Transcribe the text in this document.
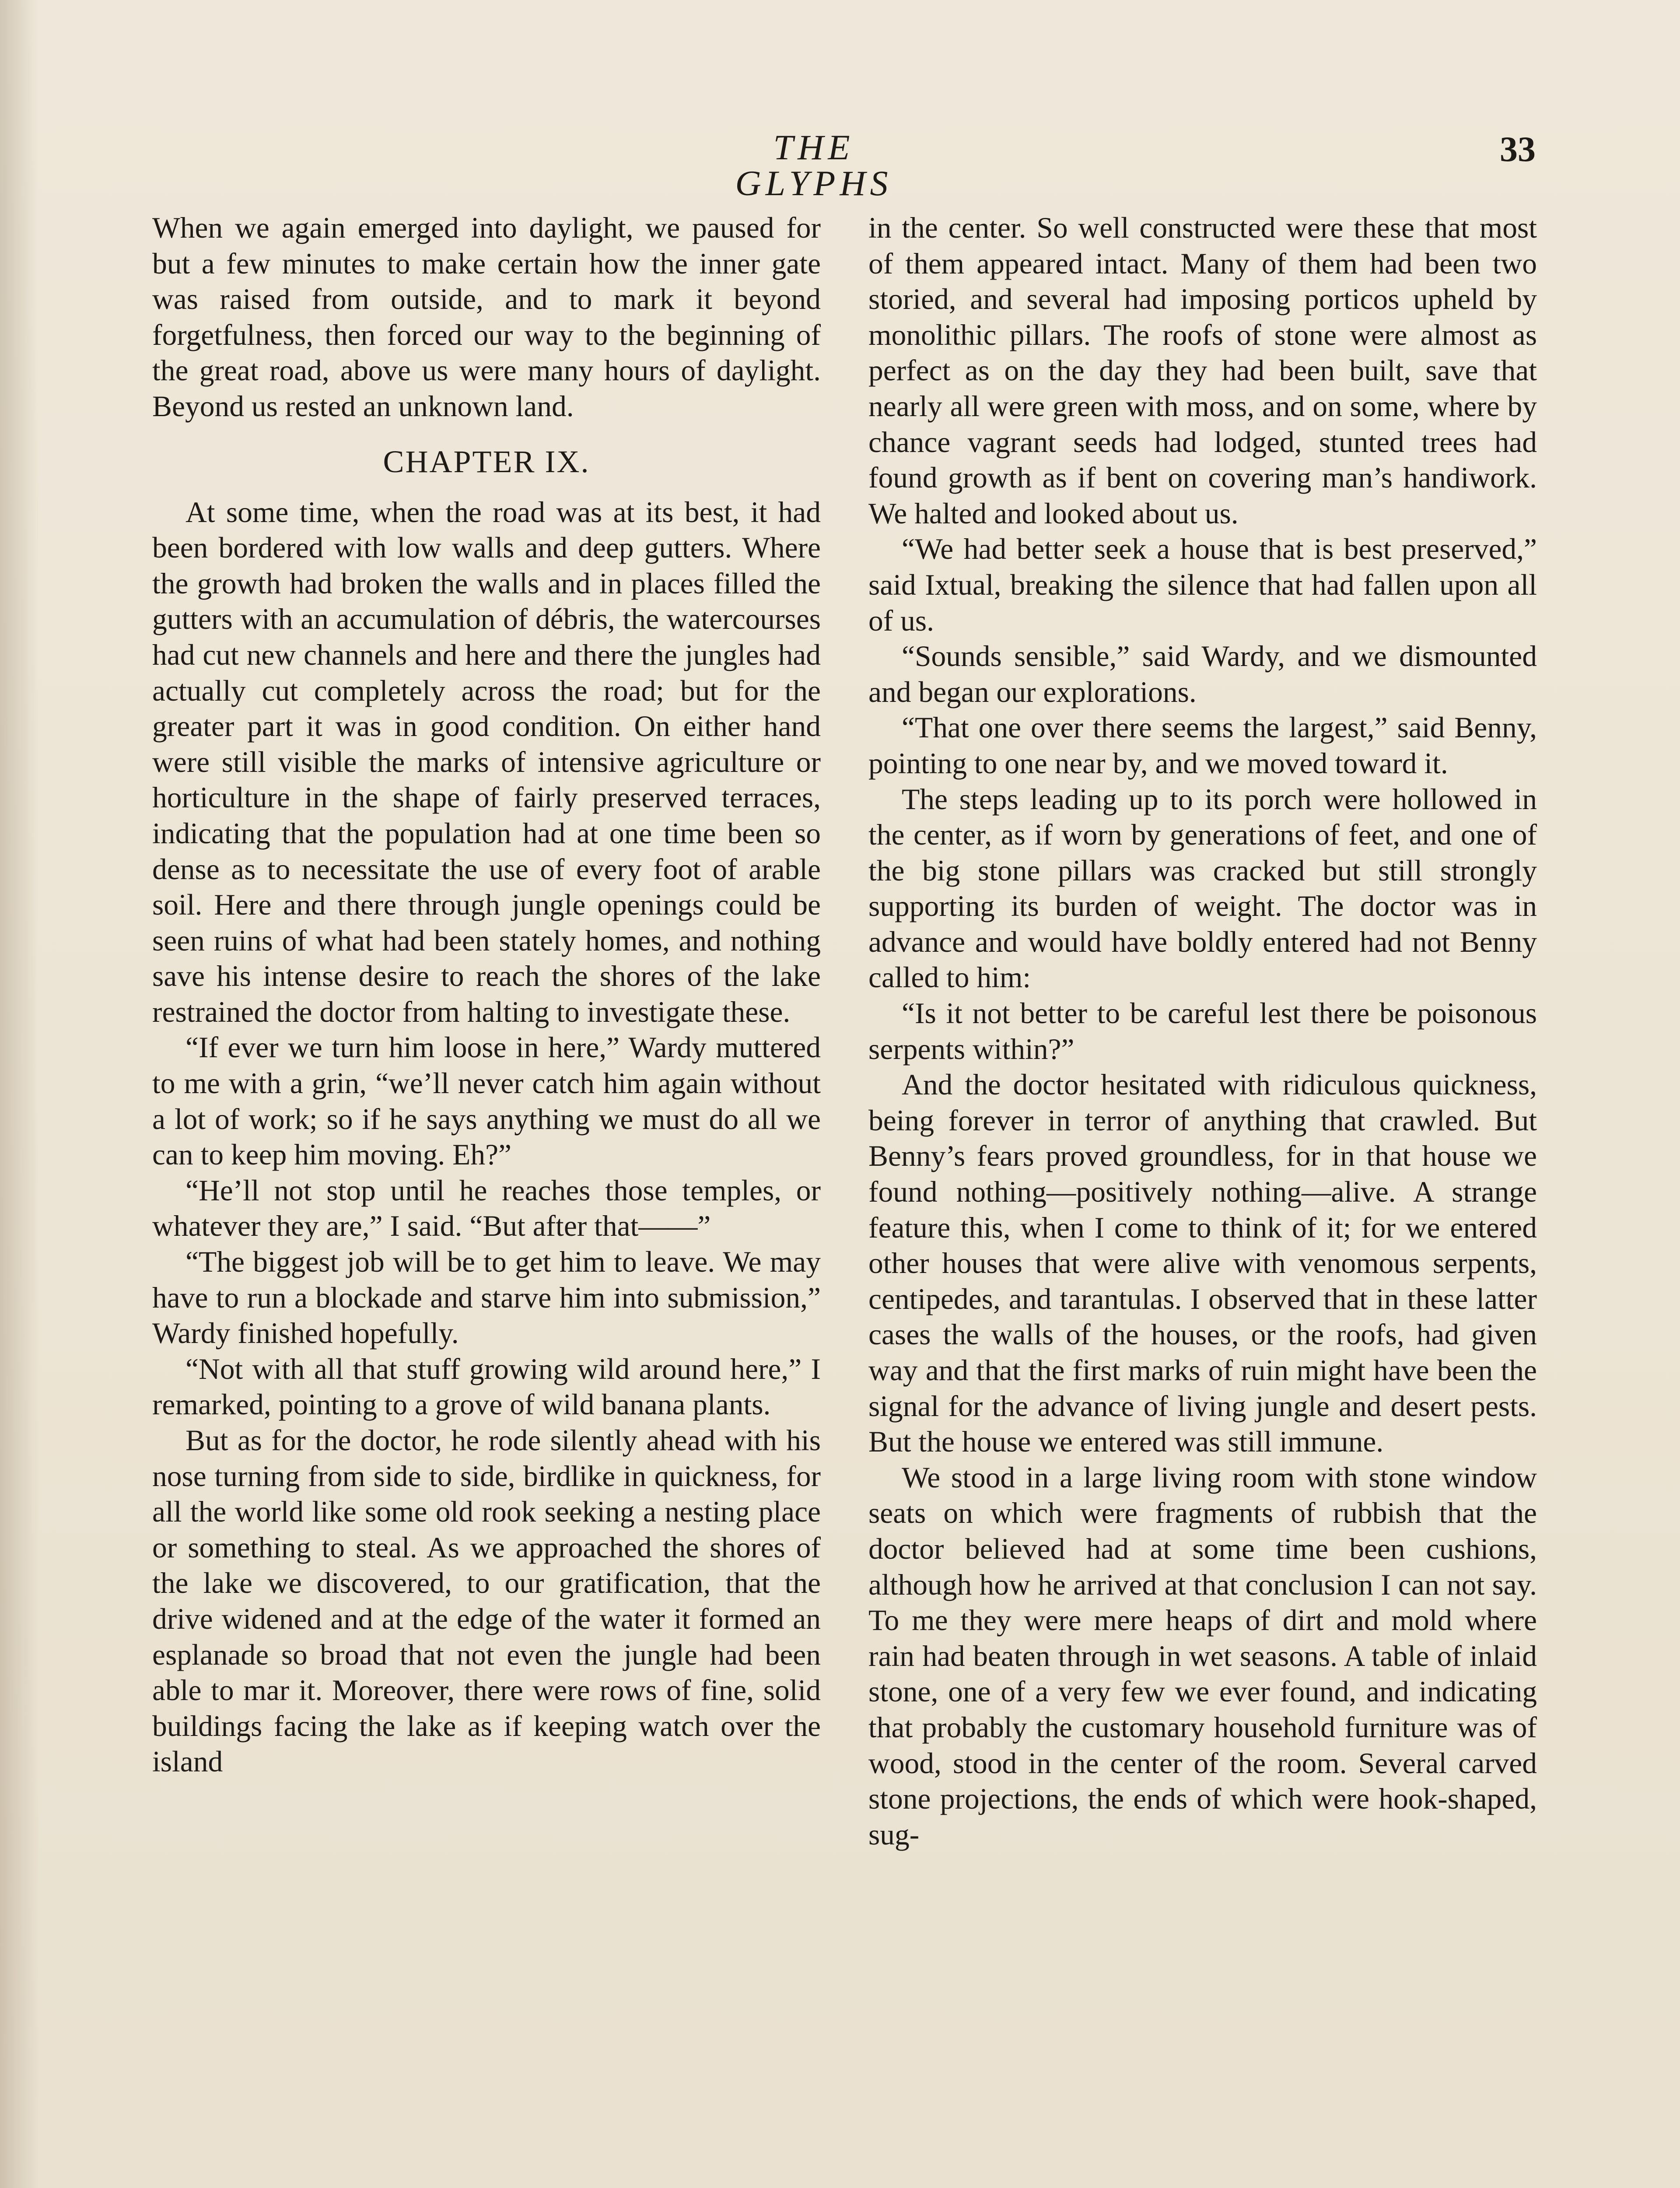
THE GLYPHS
33

When we again emerged into daylight, we paused for but a few minutes to make certain how the inner gate was raised from outside, and to mark it beyond forgetfulness, then forced our way to the beginning of the great road, above us were many hours of daylight. Beyond us rested an unknown land.

CHAPTER IX.

At some time, when the road was at its best, it had been bordered with low walls and deep gutters. Where the growth had broken the walls and in places filled the gutters with an accumulation of débris, the watercourses had cut new channels and here and there the jungles had actually cut completely across the road; but for the greater part it was in good condition. On either hand were still visible the marks of intensive agriculture or horticulture in the shape of fairly preserved terraces, indicating that the population had at one time been so dense as to necessitate the use of every foot of arable soil. Here and there through jungle openings could be seen ruins of what had been stately homes, and nothing save his intense desire to reach the shores of the lake restrained the doctor from halting to investigate these.

“If ever we turn him loose in here,” Wardy muttered to me with a grin, “we’ll never catch him again without a lot of work; so if he says anything we must do all we can to keep him moving. Eh?”

“He’ll not stop until he reaches those temples, or whatever they are,” I said. “But after that——”

“The biggest job will be to get him to leave. We may have to run a blockade and starve him into submission,” Wardy finished hopefully.

“Not with all that stuff growing wild around here,” I remarked, pointing to a grove of wild banana plants.

But as for the doctor, he rode silently ahead with his nose turning from side to side, birdlike in quickness, for all the world like some old rook seeking a nesting place or something to steal. As we approached the shores of the lake we discovered, to our gratification, that the drive widened and at the edge of the water it formed an esplanade so broad that not even the jungle had been able to mar it. Moreover, there were rows of fine, solid buildings facing the lake as if keeping watch over the island

in the center. So well constructed were these that most of them appeared intact. Many of them had been two storied, and several had imposing porticos upheld by monolithic pillars. The roofs of stone were almost as perfect as on the day they had been built, save that nearly all were green with moss, and on some, where by chance vagrant seeds had lodged, stunted trees had found growth as if bent on covering man’s handiwork. We halted and looked about us.

“We had better seek a house that is best preserved,” said Ixtual, breaking the silence that had fallen upon all of us.

“Sounds sensible,” said Wardy, and we dismounted and began our explorations.

“That one over there seems the largest,” said Benny, pointing to one near by, and we moved toward it.

The steps leading up to its porch were hollowed in the center, as if worn by generations of feet, and one of the big stone pillars was cracked but still strongly supporting its burden of weight. The doctor was in advance and would have boldly entered had not Benny called to him:

“Is it not better to be careful lest there be poisonous serpents within?”

And the doctor hesitated with ridiculous quickness, being forever in terror of anything that crawled. But Benny’s fears proved groundless, for in that house we found nothing—positively nothing—alive. A strange feature this, when I come to think of it; for we entered other houses that were alive with venomous serpents, centipedes, and tarantulas. I observed that in these latter cases the walls of the houses, or the roofs, had given way and that the first marks of ruin might have been the signal for the advance of living jungle and desert pests. But the house we entered was still immune.

We stood in a large living room with stone window seats on which were fragments of rubbish that the doctor believed had at some time been cushions, although how he arrived at that conclusion I can not say. To me they were mere heaps of dirt and mold where rain had beaten through in wet seasons. A table of inlaid stone, one of a very few we ever found, and indicating that probably the customary household furniture was of wood, stood in the center of the room. Several carved stone projections, the ends of which were hook-shaped, sug-
